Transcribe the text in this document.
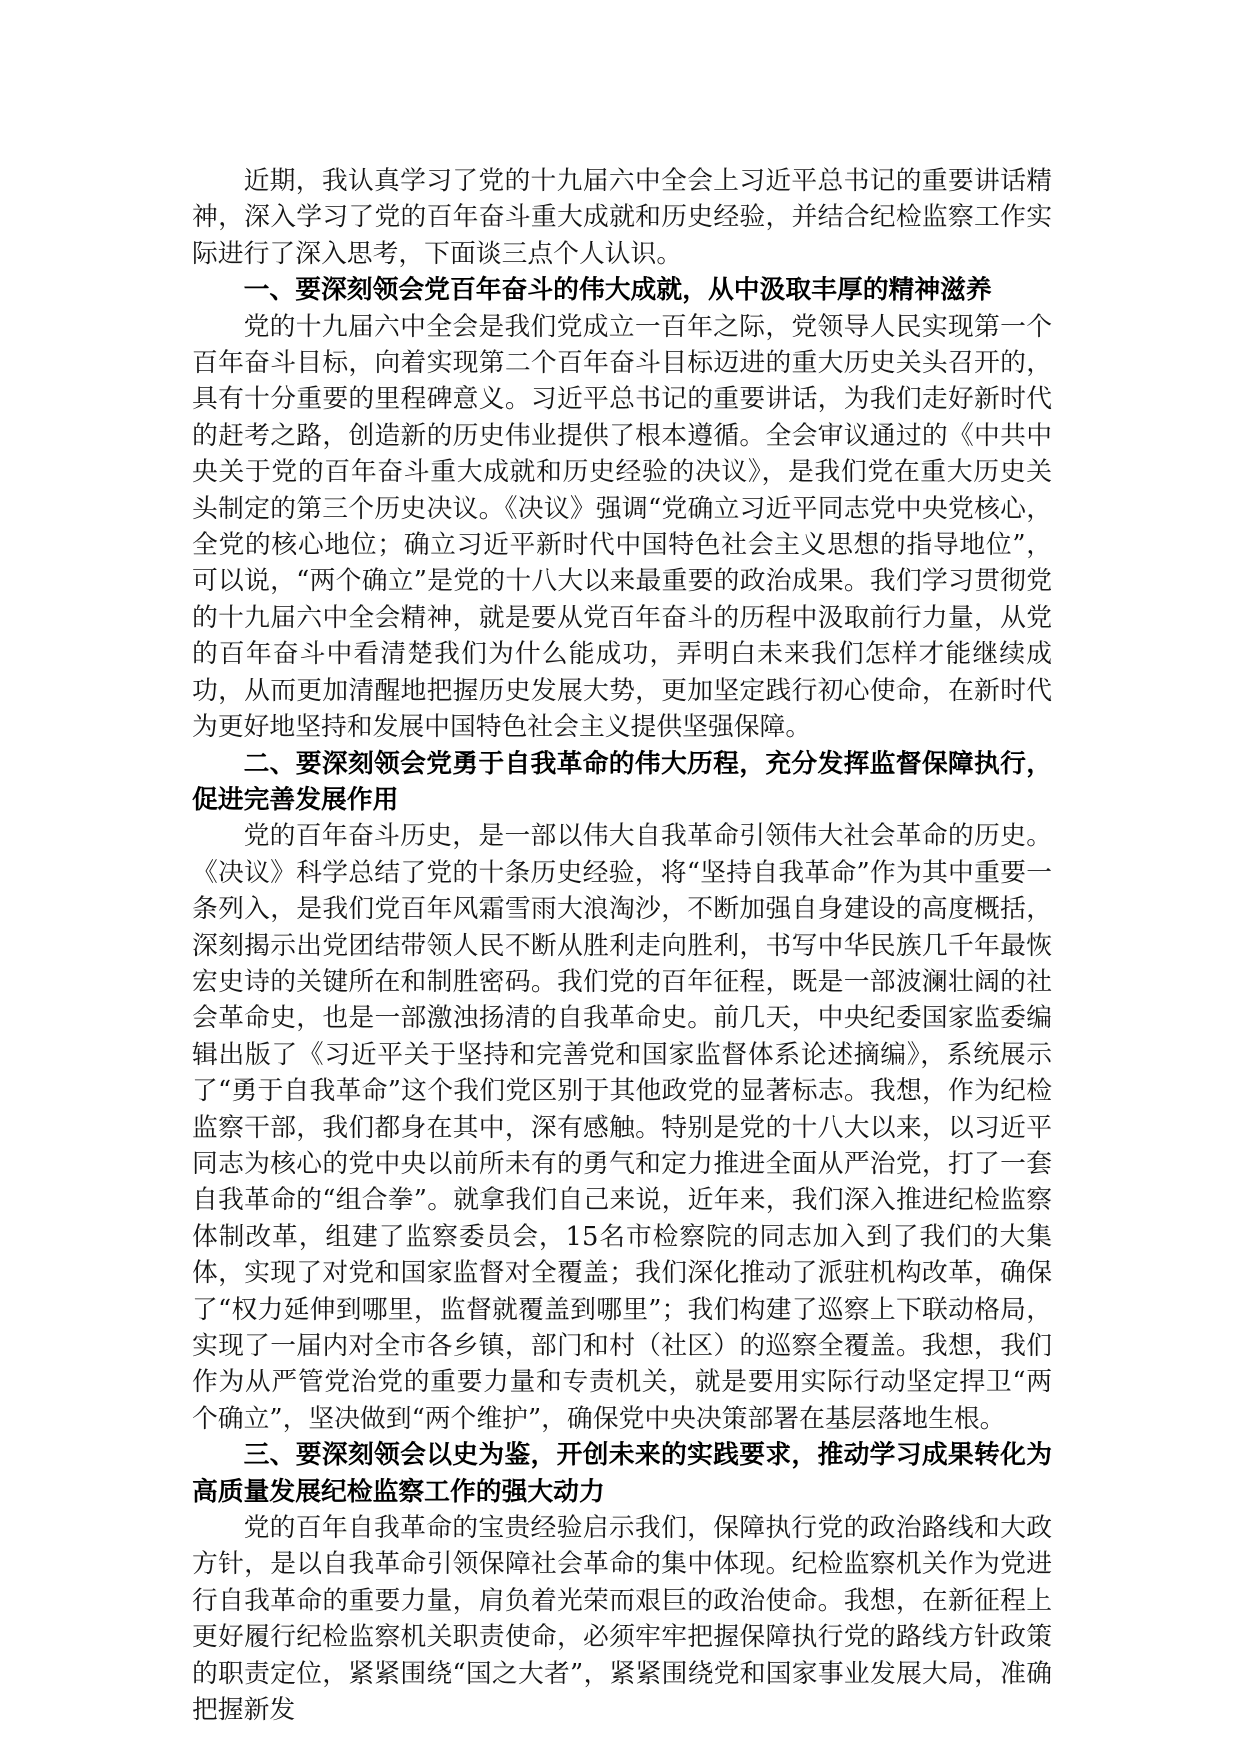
近期，我认真学习了党的十九届六中全会上习近平总书记的重要讲话精神，深入学习了党的百年奋斗重大成就和历史经验，并结合纪检监察工作实际进行了深入思考，下面谈三点个人认识。

一、要深刻领会党百年奋斗的伟大成就，从中汲取丰厚的精神滋养

党的十九届六中全会是我们党成立一百年之际，党领导人民实现第一个百年奋斗目标，向着实现第二个百年奋斗目标迈进的重大历史关头召开的，具有十分重要的里程碑意义。习近平总书记的重要讲话，为我们走好新时代的赶考之路，创造新的历史伟业提供了根本遵循。全会审议通过的《中共中央关于党的百年奋斗重大成就和历史经验的决议》，是我们党在重大历史关头制定的第三个历史决议。《决议》强调“党确立习近平同志党中央党核心，全党的核心地位；确立习近平新时代中国特色社会主义思想的指导地位”，可以说，“两个确立”是党的十八大以来最重要的政治成果。我们学习贯彻党的十九届六中全会精神，就是要从党百年奋斗的历程中汲取前行力量，从党的百年奋斗中看清楚我们为什么能成功，弄明白未来我们怎样才能继续成功，从而更加清醒地把握历史发展大势，更加坚定践行初心使命，在新时代为更好地坚持和发展中国特色社会主义提供坚强保障。

二、要深刻领会党勇于自我革命的伟大历程，充分发挥监督保障执行，促进完善发展作用

党的百年奋斗历史，是一部以伟大自我革命引领伟大社会革命的历史。《决议》科学总结了党的十条历史经验，将“坚持自我革命”作为其中重要一条列入，是我们党百年风霜雪雨大浪淘沙，不断加强自身建设的高度概括，深刻揭示出党团结带领人民不断从胜利走向胜利，书写中华民族几千年最恢宏史诗的关键所在和制胜密码。我们党的百年征程，既是一部波澜壮阔的社会革命史，也是一部激浊扬清的自我革命史。前几天，中央纪委国家监委编辑出版了《习近平关于坚持和完善党和国家监督体系论述摘编》，系统展示了“勇于自我革命”这个我们党区别于其他政党的显著标志。我想，作为纪检监察干部，我们都身在其中，深有感触。特别是党的十八大以来，以习近平同志为核心的党中央以前所未有的勇气和定力推进全面从严治党，打了一套自我革命的“组合拳”。就拿我们自己来说，近年来，我们深入推进纪检监察体制改革，组建了监察委员会，15名市检察院的同志加入到了我们的大集体，实现了对党和国家监督对全覆盖；我们深化推动了派驻机构改革，确保了“权力延伸到哪里，监督就覆盖到哪里”；我们构建了巡察上下联动格局，实现了一届内对全市各乡镇，部门和村（社区）的巡察全覆盖。我想，我们作为从严管党治党的重要力量和专责机关，就是要用实际行动坚定捍卫“两个确立”，坚决做到“两个维护”，确保党中央决策部署在基层落地生根。

三、要深刻领会以史为鉴，开创未来的实践要求，推动学习成果转化为高质量发展纪检监察工作的强大动力

党的百年自我革命的宝贵经验启示我们，保障执行党的政治路线和大政方针，是以自我革命引领保障社会革命的集中体现。纪检监察机关作为党进行自我革命的重要力量，肩负着光荣而艰巨的政治使命。我想，在新征程上更好履行纪检监察机关职责使命，必须牢牢把握保障执行党的路线方针政策的职责定位，紧紧围绕“国之大者”，紧紧围绕党和国家事业发展大局，准确把握新发
